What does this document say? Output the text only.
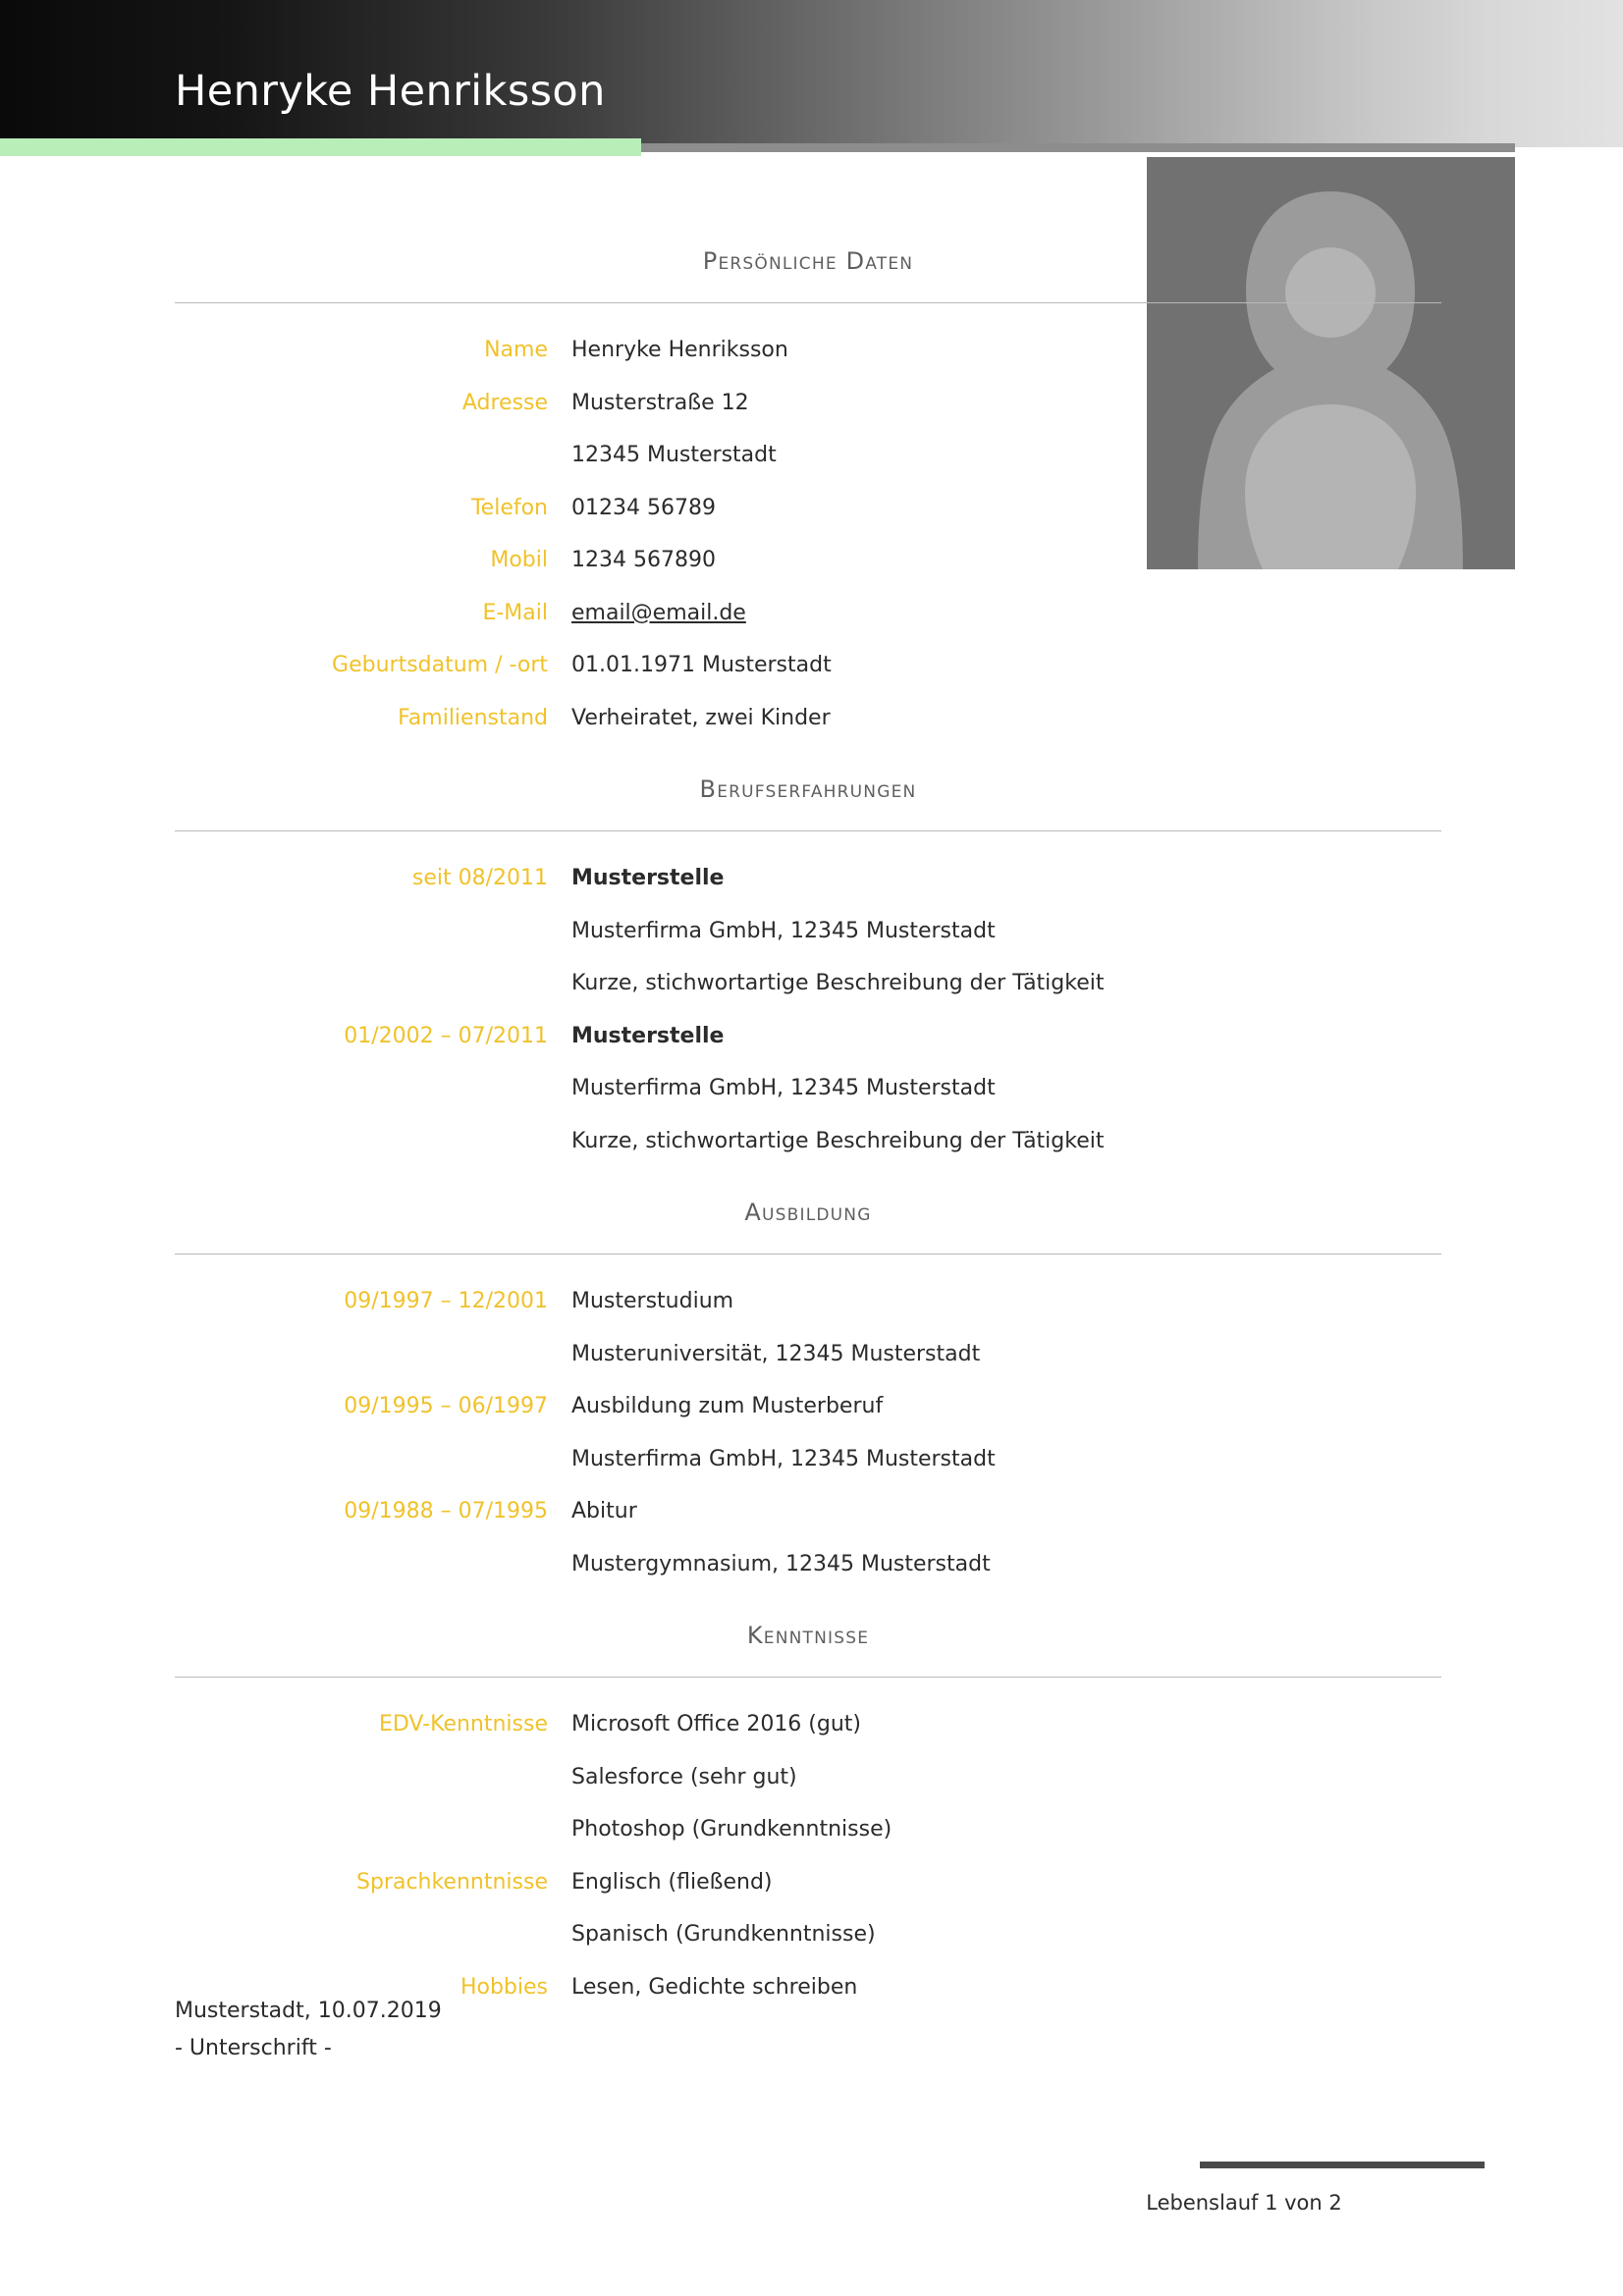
Henryke Henriksson
Persönliche Daten
Name Henryke Henriksson
Adresse Musterstraße 12
12345 Musterstadt
Telefon 01234 56789
Mobil 1234 567890
E-Mail email@email.de
Geburtsdatum / -ort 01.01.1971 Musterstadt
Familienstand Verheiratet, zwei Kinder
Berufserfahrungen
seit 08/2011 Musterstelle
Musterfirma GmbH, 12345 Musterstadt
Kurze, stichwortartige Beschreibung der Tätigkeit
01/2002 – 07/2011 Musterstelle
Musterfirma GmbH, 12345 Musterstadt
Kurze, stichwortartige Beschreibung der Tätigkeit
Ausbildung
09/1997 – 12/2001 Musterstudium
Musteruniversität, 12345 Musterstadt
09/1995 – 06/1997 Ausbildung zum Musterberuf
Musterfirma GmbH, 12345 Musterstadt
09/1988 – 07/1995 Abitur
Mustergymnasium, 12345 Musterstadt
Kenntnisse
EDV-Kenntnisse Microsoft Office 2016 (gut)
Salesforce (sehr gut)
Photoshop (Grundkenntnisse)
Sprachkenntnisse Englisch (fließend)
Spanisch (Grundkenntnisse)
Hobbies Lesen, Gedichte schreiben
Musterstadt, 10.07.2019
- Unterschrift -
Lebenslauf 1 von 2
